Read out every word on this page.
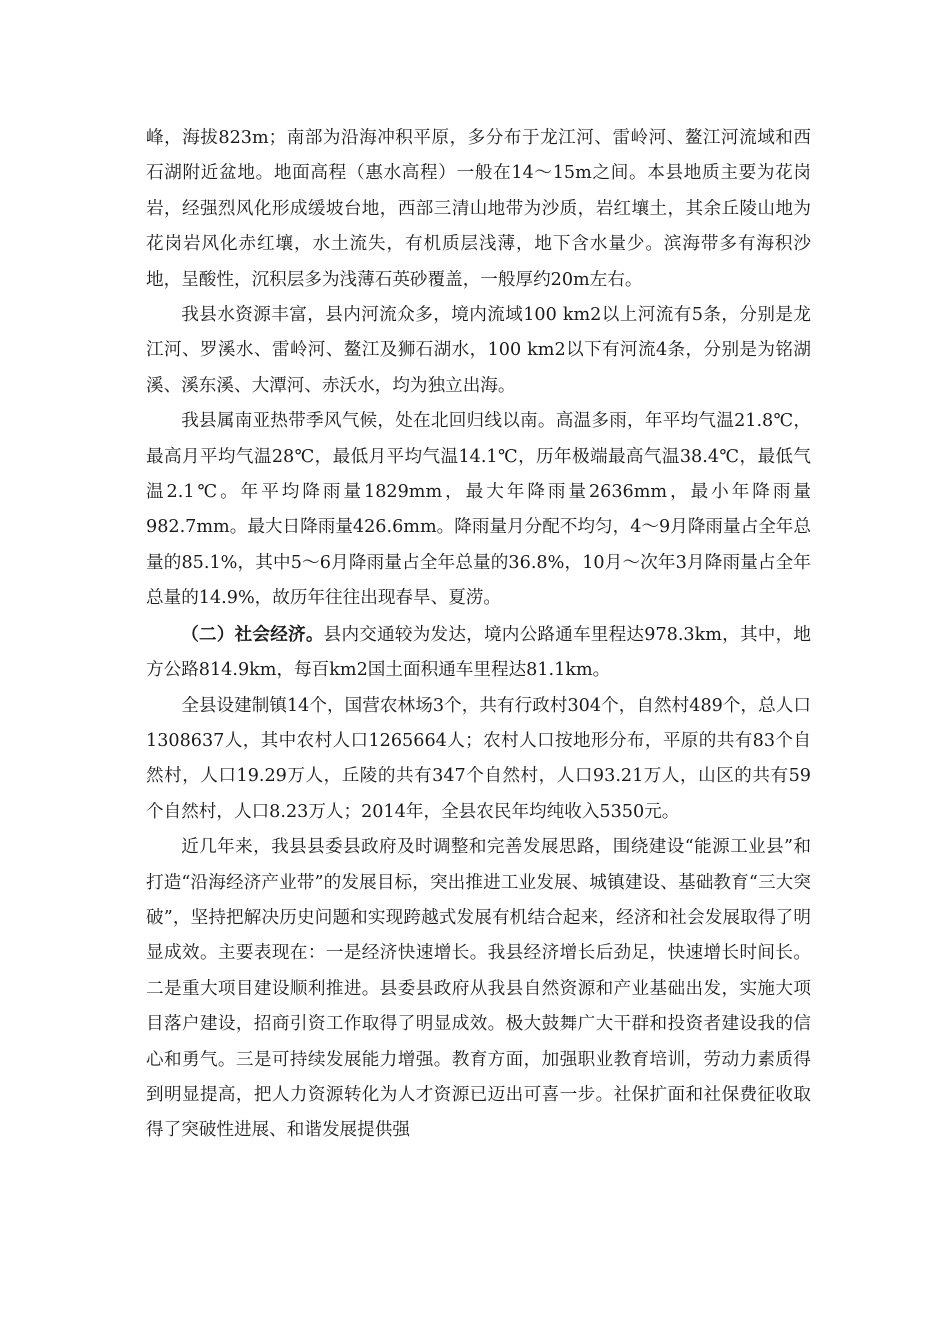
峰，海拔823m；南部为沿海冲积平原，多分布于龙江河、雷岭河、鳌江河流域和西石湖附近盆地。地面高程（惠水高程）一般在14～15m之间。本县地质主要为花岗岩，经强烈风化形成缓坡台地，西部三清山地带为沙质，岩红壤土，其余丘陵山地为花岗岩风化赤红壤，水土流失，有机质层浅薄，地下含水量少。滨海带多有海积沙地，呈酸性，沉积层多为浅薄石英砂覆盖，一般厚约20m左右。

我县水资源丰富，县内河流众多，境内流域100 km2以上河流有5条，分别是龙江河、罗溪水、雷岭河、鳌江及狮石湖水，100 km2以下有河流4条，分别是为铭湖溪、溪东溪、大潭河、赤沃水，均为独立出海。

我县属南亚热带季风气候，处在北回归线以南。高温多雨，年平均气温21.8℃，最高月平均气温28℃，最低月平均气温14.1℃，历年极端最高气温38.4℃，最低气温2.1℃。年平均降雨量1829mm，最大年降雨量2636mm，最小年降雨量982.7mm。最大日降雨量426.6mm。降雨量月分配不均匀，4～9月降雨量占全年总量的85.1%，其中5～6月降雨量占全年总量的36.8%，10月～次年3月降雨量占全年总量的14.9%，故历年往往出现春旱、夏涝。

（二）社会经济。县内交通较为发达，境内公路通车里程达978.3km，其中，地方公路814.9km，每百km2国土面积通车里程达81.1km。

全县设建制镇14个，国营农林场3个，共有行政村304个，自然村489个，总人口1308637人，其中农村人口1265664人；农村人口按地形分布，平原的共有83个自然村，人口19.29万人，丘陵的共有347个自然村，人口93.21万人，山区的共有59个自然村，人口8.23万人；2014年，全县农民年均纯收入5350元。

近几年来，我县县委县政府及时调整和完善发展思路，围绕建设“能源工业县”和打造“沿海经济产业带”的发展目标，突出推进工业发展、城镇建设、基础教育“三大突破”，坚持把解决历史问题和实现跨越式发展有机结合起来，经济和社会发展取得了明显成效。主要表现在：一是经济快速增长。我县经济增长后劲足，快速增长时间长。二是重大项目建设顺利推进。县委县政府从我县自然资源和产业基础出发，实施大项目落户建设，招商引资工作取得了明显成效。极大鼓舞广大干群和投资者建设我的信心和勇气。三是可持续发展能力增强。教育方面，加强职业教育培训，劳动力素质得到明显提高，把人力资源转化为人才资源已迈出可喜一步。社保扩面和社保费征收取得了突破性进展、和谐发展提供强
